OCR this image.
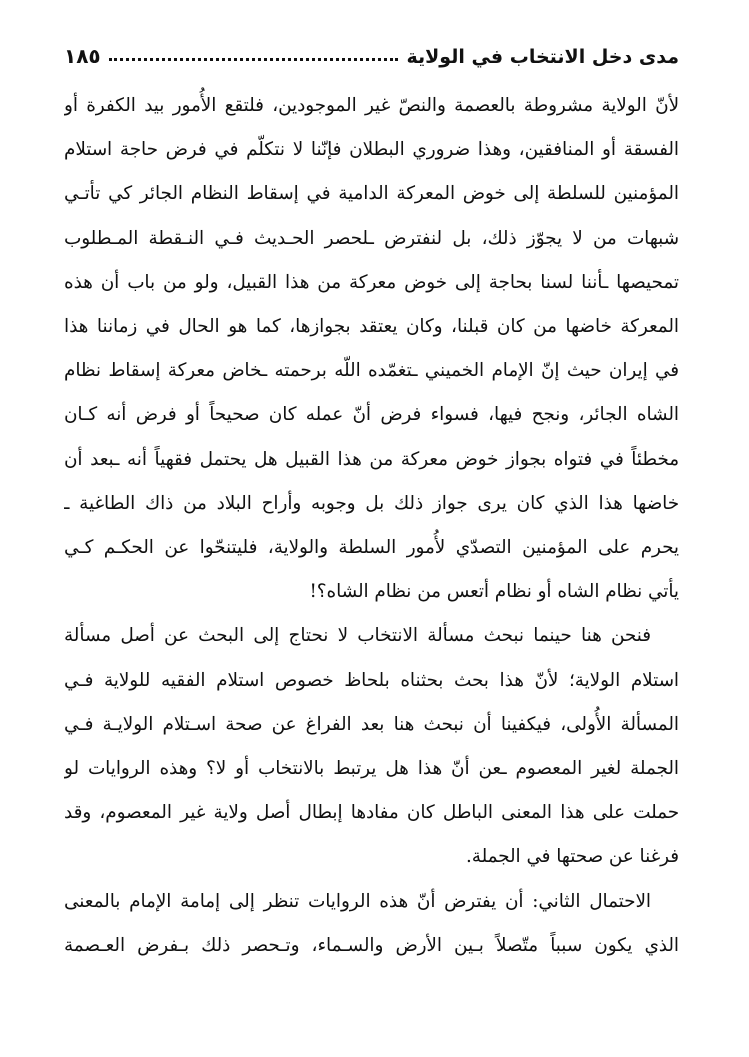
مدى دخل الانتخاب في الولاية
١٨٥

لأنّ الولاية مشروطة بالعصمة والنصّ غير الموجودين، فلتقع الأُمور بيد الكفرة أو
الفسقة أو المنافقين، وهذا ضروري البطلان فإنّنا لا نتكلّم في فرض حاجة استلام
المؤمنين للسلطة إلى خوض المعركة الدامية في إسقاط النظام الجائر كي تأتـي
شبهات من لا يجوّز ذلك، بل لنفترض ـلحصر الحـديث فـي النـقطة المـطلوب
تمحيصها ـأننا لسنا بحاجة إلى خوض معركة من هذا القبيل، ولو من باب أن هذه
المعركة خاضها من كان قبلنا، وكان يعتقد بجوازها، كما هو الحال في زماننا هذا
في إيران حيث إنّ الإمام الخميني ـتغمّده اللّه برحمته ـخاض معركة إسقاط نظام
الشاه الجائر، ونجح فيها، فسواء فرض أنّ عمله كان صحيحاً أو فرض أنه كـان
مخطئاً في فتواه بجواز خوض معركة من هذا القبيل هل يحتمل فقهياً أنه ـبعد أن
خاضها هذا الذي كان يرى جواز ذلك بل وجوبه وأراح البلاد من ذاك الطاغية ـ
يحرم على المؤمنين التصدّي لأُمور السلطة والولاية، فليتنحّوا عن الحكـم كـي
يأتي نظام الشاه أو نظام أتعس من نظام الشاه؟!

فنحن هنا حينما نبحث مسألة الانتخاب لا نحتاج إلى البحث عن أصل مسألة
استلام الولاية؛ لأنّ هذا بحث بحثناه بلحاظ خصوص استلام الفقيه للولاية فـي
المسألة الأُولى، فيكفينا أن نبحث هنا بعد الفراغ عن صحة اسـتلام الولايـة فـي
الجملة لغير المعصوم ـعن أنّ هذا هل يرتبط بالانتخاب أو لا؟ وهذه الروايات لو
حملت على هذا المعنى الباطل كان مفادها إبطال أصل ولاية غير المعصوم، وقد
فرغنا عن صحتها في الجملة.

الاحتمال الثاني: أن يفترض أنّ هذه الروايات تنظر إلى إمامة الإمام بالمعنى
الذي يكون سبباً متّصلاً بـين الأرض والسـماء، وتـحصر ذلك بـفرض العـصمة
